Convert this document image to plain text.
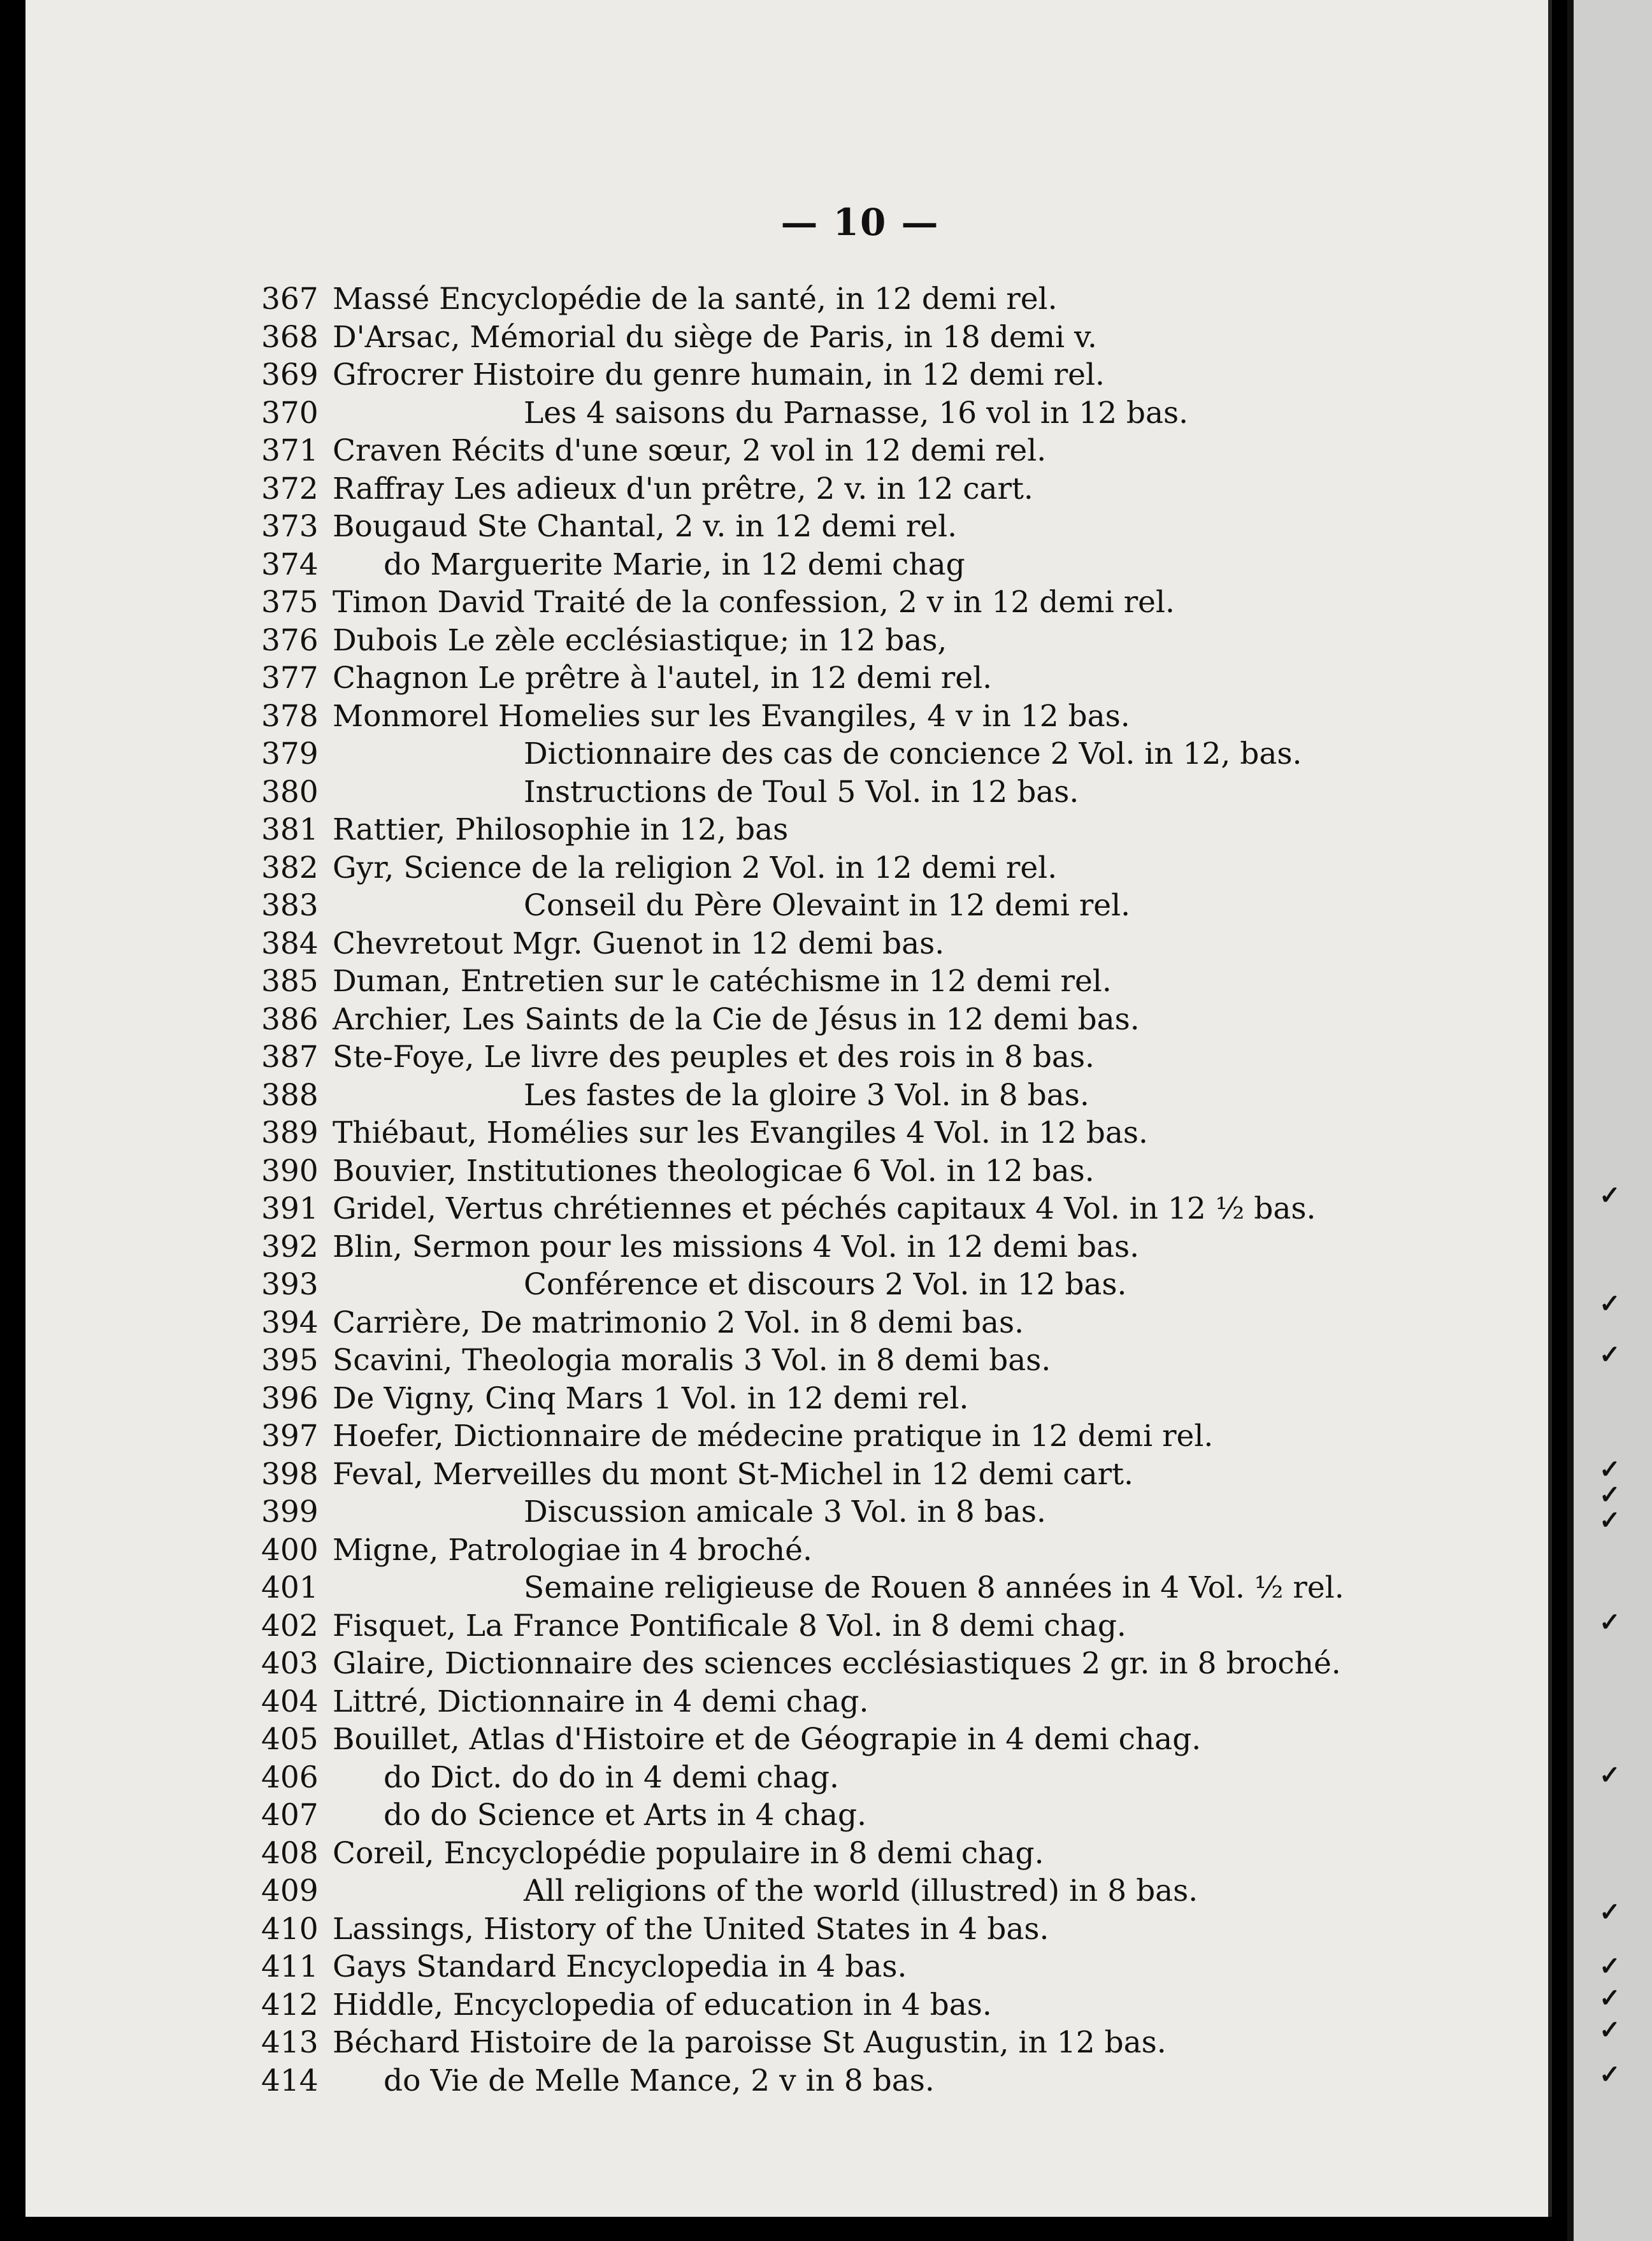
— 10 —
367 Massé Encyclopédie de la santé, in 12 demi rel.
368 D'Arsac, Mémorial du siège de Paris, in 18 demi v.
369 Gfrocrer Histoire du genre humain, in 12 demi rel.
370	Les 4 saisons du Parnasse, 16 vol in 12 bas.
371 Craven Récits d'une sœur, 2 vol in 12 demi rel.
372 Raffray Les adieux d'un prêtre, 2 v. in 12 cart.
373 Bougaud Ste Chantal, 2 v. in 12 demi rel.
374	do Marguerite Marie, in 12 demi chag
375 Timon David Traité de la confession, 2 v in 12 demi rel.
376 Dubois Le zèle ecclésiastique; in 12 bas,
377 Chagnon Le prêtre à l'autel, in 12 demi rel.
378 Monmorel Homelies sur les Evangiles, 4 v in 12 bas.
379	Dictionnaire des cas de concience 2 Vol. in 12, bas.
380	Instructions de Toul 5 Vol. in 12 bas.
381 Rattier, Philosophie in 12, bas
382 Gyr, Science de la religion 2 Vol. in 12 demi rel.
383	Conseil du Père Olevaint in 12 demi rel.
384 Chevretout Mgr. Guenot in 12 demi bas.
385 Duman, Entretien sur le catéchisme in 12 demi rel.
386 Archier, Les Saints de la Cie de Jésus in 12 demi bas.
387 Ste-Foye, Le livre des peuples et des rois in 8 bas.
388	Les fastes de la gloire 3 Vol. in 8 bas.
389 Thiébaut, Homélies sur les Evangiles 4 Vol. in 12 bas.
390 Bouvier, Institutiones theologicae 6 Vol. in 12 bas.
391 Gridel, Vertus chrétiennes et péchés capitaux 4 Vol. in 12 ½ bas.
392 Blin, Sermon pour les missions 4 Vol. in 12 demi bas.
393	Conférence et discours 2 Vol. in 12 bas.
394 Carrière, De matrimonio 2 Vol. in 8 demi bas.
395 Scavini, Theologia moralis 3 Vol. in 8 demi bas.
396 De Vigny, Cinq Mars 1 Vol. in 12 demi rel.
397 Hoefer, Dictionnaire de médecine pratique in 12 demi rel.
398 Feval, Merveilles du mont St-Michel in 12 demi cart.
399	Discussion amicale 3 Vol. in 8 bas.
400 Migne, Patrologiae in 4 broché.
401	Semaine religieuse de Rouen 8 années in 4 Vol. ½ rel.
402 Fisquet, La France Pontificale 8 Vol. in 8 demi chag.
403 Glaire, Dictionnaire des sciences ecclésiastiques 2 gr. in 8 broché.
404 Littré, Dictionnaire in 4 demi chag.
405 Bouillet, Atlas d'Histoire et de Géograpie in 4 demi chag.
406	do Dict. do do in 4 demi chag.
407	do do Science et Arts in 4 chag.
408 Coreil, Encyclopédie populaire in 8 demi chag.
409	All religions of the world (illustred) in 8 bas.
410 Lassings, History of the United States in 4 bas.
411 Gays Standard Encyclopedia in 4 bas.
412 Hiddle, Encyclopedia of education in 4 bas.
413 Béchard Histoire de la paroisse St Augustin, in 12 bas.
414	do Vie de Melle Mance, 2 v in 8 bas.
✓
✓
✓
✓
✓
✓
✓
✓
✓
✓
✓
✓
✓
